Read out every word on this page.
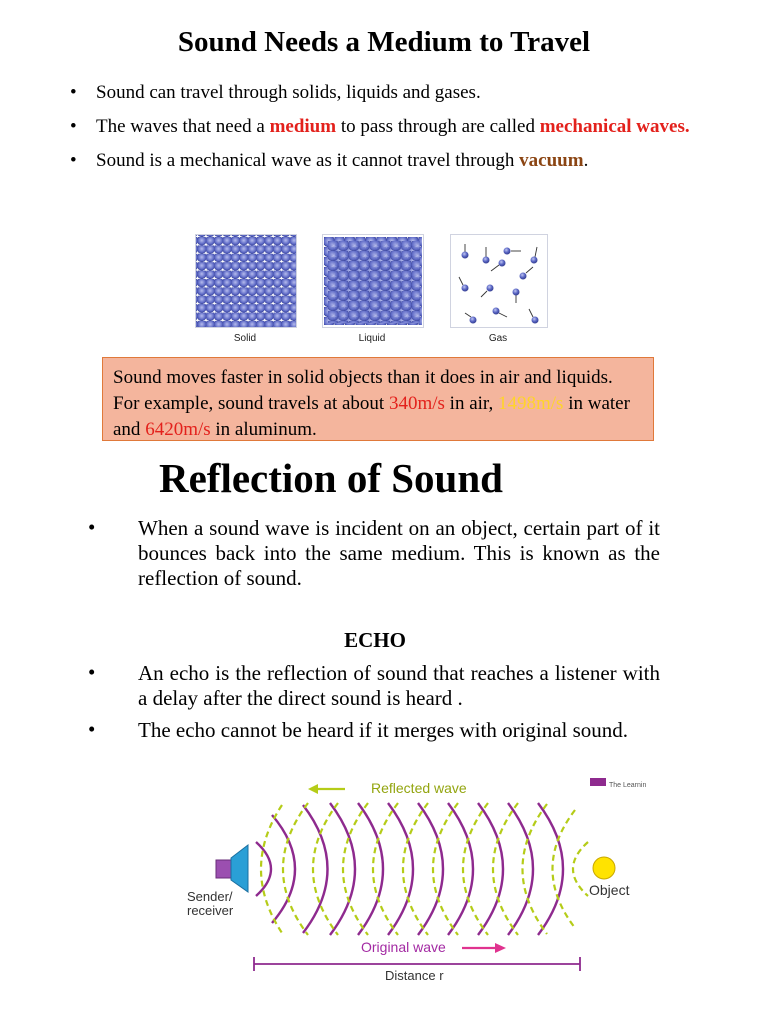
Sound Needs a Medium to Travel
• Sound can travel through solids, liquids and gases.
• The waves that need a medium to pass through are called mechanical waves.
• Sound is a mechanical wave as it cannot travel through vacuum.
Solid	Liquid	Gas
Sound moves faster in solid objects than it does in air and liquids. For example, sound travels at about 340m/s in air, 1498m/s in water and 6420m/s in aluminum.
Reflection of Sound
• When a sound wave is incident on an object, certain part of it bounces back into the same medium. This is known as the reflection of sound.
ECHO
• An echo is the reflection of sound that reaches a listener with a delay after the direct sound is heard .
• The echo cannot be heard if it merges with original sound.
The Learnin
Reflected wave
Sender/
receiver
Object
Original wave
Distance r
